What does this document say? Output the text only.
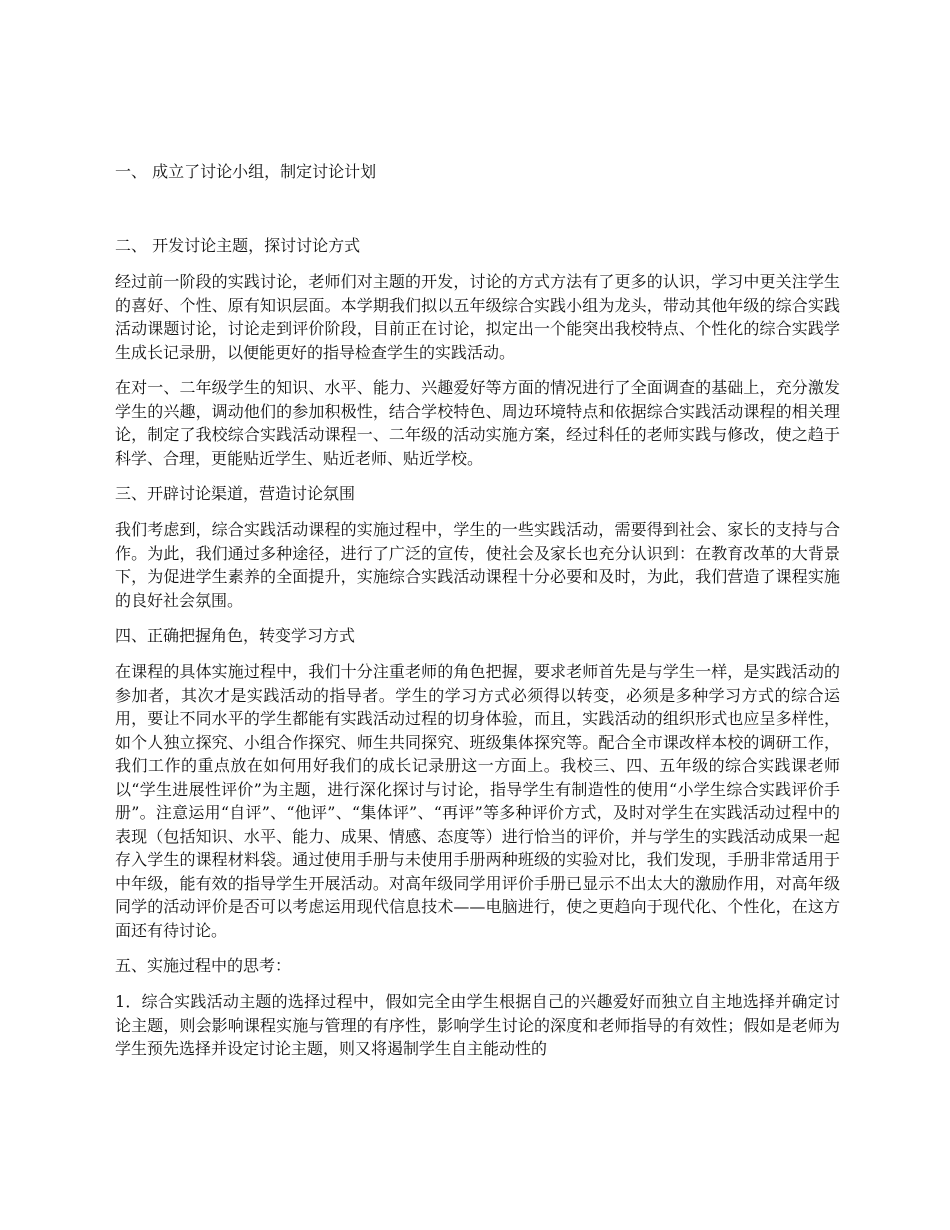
一、 成立了讨论小组，制定讨论计划

二、 开发讨论主题，探讨讨论方式

经过前一阶段的实践讨论，老师们对主题的开发，讨论的方式方法有了更多的认识，学习中更关注学生的喜好、个性、原有知识层面。本学期我们拟以五年级综合实践小组为龙头，带动其他年级的综合实践活动课题讨论，讨论走到评价阶段，目前正在讨论，拟定出一个能突出我校特点、个性化的综合实践学生成长记录册，以便能更好的指导检查学生的实践活动。

在对一、二年级学生的知识、水平、能力、兴趣爱好等方面的情况进行了全面调查的基础上，充分激发学生的兴趣，调动他们的参加积极性，结合学校特色、周边环境特点和依据综合实践活动课程的相关理论，制定了我校综合实践活动课程一、二年级的活动实施方案，经过科任的老师实践与修改，使之趋于科学、合理，更能贴近学生、贴近老师、贴近学校。

三、开辟讨论渠道，营造讨论氛围

我们考虑到，综合实践活动课程的实施过程中，学生的一些实践活动，需要得到社会、家长的支持与合作。为此，我们通过多种途径，进行了广泛的宣传，使社会及家长也充分认识到：在教育改革的大背景下，为促进学生素养的全面提升，实施综合实践活动课程十分必要和及时，为此，我们营造了课程实施的良好社会氛围。

四、正确把握角色，转变学习方式

在课程的具体实施过程中，我们十分注重老师的角色把握，要求老师首先是与学生一样，是实践活动的参加者，其次才是实践活动的指导者。学生的学习方式必须得以转变，必须是多种学习方式的综合运用，要让不同水平的学生都能有实践活动过程的切身体验，而且，实践活动的组织形式也应呈多样性，如个人独立探究、小组合作探究、师生共同探究、班级集体探究等。配合全市课改样本校的调研工作，我们工作的重点放在如何用好我们的成长记录册这一方面上。我校三、四、五年级的综合实践课老师以“学生进展性评价”为主题，进行深化探讨与讨论，指导学生有制造性的使用“小学生综合实践评价手册”。注意运用“自评”、“他评”、“集体评”、“再评”等多种评价方式，及时对学生在实践活动过程中的表现（包括知识、水平、能力、成果、情感、态度等）进行恰当的评价，并与学生的实践活动成果一起存入学生的课程材料袋。通过使用手册与未使用手册两种班级的实验对比，我们发现，手册非常适用于中年级，能有效的指导学生开展活动。对高年级同学用评价手册已显示不出太大的激励作用，对高年级同学的活动评价是否可以考虑运用现代信息技术——电脑进行，使之更趋向于现代化、个性化，在这方面还有待讨论。

五、实施过程中的思考：

1．综合实践活动主题的选择过程中，假如完全由学生根据自己的兴趣爱好而独立自主地选择并确定讨论主题，则会影响课程实施与管理的有序性，影响学生讨论的深度和老师指导的有效性；假如是老师为学生预先选择并设定讨论主题，则又将遏制学生自主能动性的
